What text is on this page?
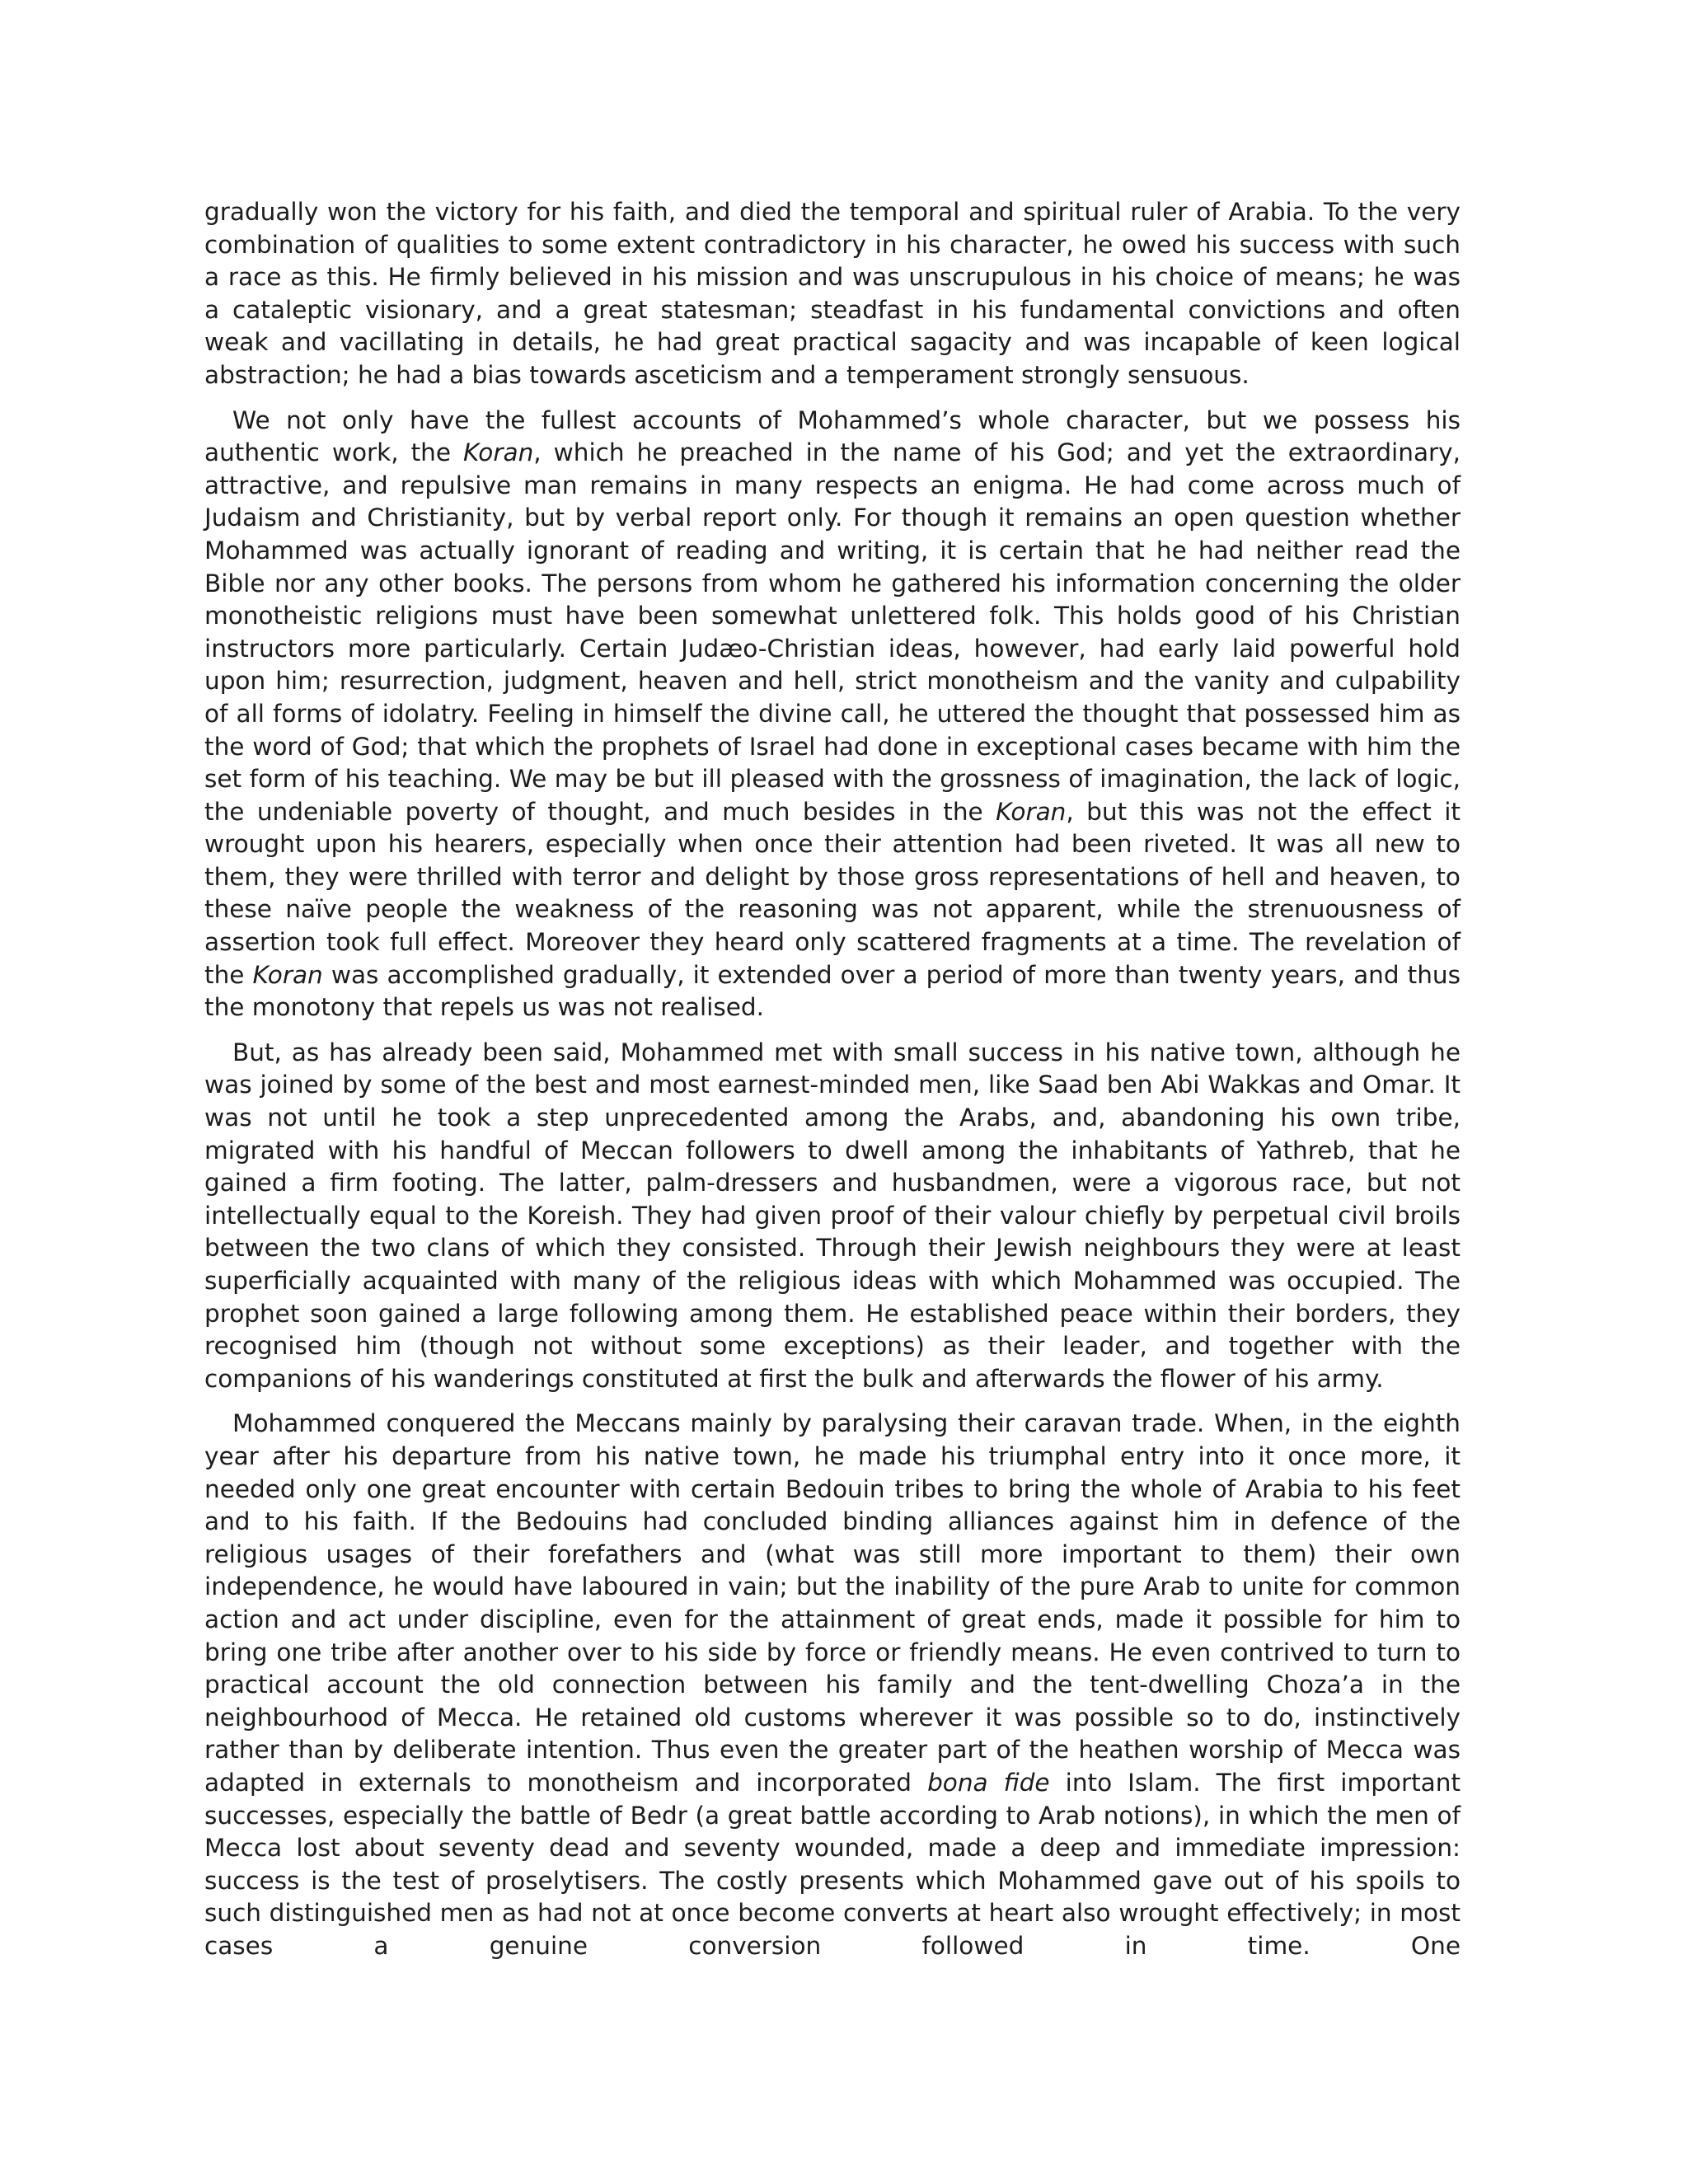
gradually won the victory for his faith, and died the temporal and spiritual ruler of Arabia. To the very combination of qualities to some extent contradictory in his character, he owed his success with such a race as this. He firmly believed in his mission and was unscrupulous in his choice of means; he was a cataleptic visionary, and a great statesman; steadfast in his fundamental convictions and often weak and vacillating in details, he had great practical sagacity and was incapable of keen logical abstraction; he had a bias towards asceticism and a temperament strongly sensuous.

We not only have the fullest accounts of Mohammed’s whole character, but we possess his authentic work, the Koran, which he preached in the name of his God; and yet the extraordinary, attractive, and repulsive man remains in many respects an enigma. He had come across much of Judaism and Christianity, but by verbal report only. For though it remains an open question whether Mohammed was actually ignorant of reading and writing, it is certain that he had neither read the Bible nor any other books. The persons from whom he gathered his information concerning the older monotheistic religions must have been somewhat unlettered folk. This holds good of his Christian instructors more particularly. Certain Judæo-Christian ideas, however, had early laid powerful hold upon him; resurrection, judgment, heaven and hell, strict monotheism and the vanity and culpability of all forms of idolatry. Feeling in himself the divine call, he uttered the thought that possessed him as the word of God; that which the prophets of Israel had done in exceptional cases became with him the set form of his teaching. We may be but ill pleased with the grossness of imagination, the lack of logic, the undeniable poverty of thought, and much besides in the Koran, but this was not the effect it wrought upon his hearers, especially when once their attention had been riveted. It was all new to them, they were thrilled with terror and delight by those gross representations of hell and heaven, to these naïve people the weakness of the reasoning was not apparent, while the strenuousness of assertion took full effect. Moreover they heard only scattered fragments at a time. The revelation of the Koran was accomplished gradually, it extended over a period of more than twenty years, and thus the monotony that repels us was not realised.

But, as has already been said, Mohammed met with small success in his native town, although he was joined by some of the best and most earnest-minded men, like Saad ben Abi Wakkas and Omar. It was not until he took a step unprecedented among the Arabs, and, abandoning his own tribe, migrated with his handful of Meccan followers to dwell among the inhabitants of Yathreb, that he gained a firm footing. The latter, palm-dressers and husbandmen, were a vigorous race, but not intellectually equal to the Koreish. They had given proof of their valour chiefly by perpetual civil broils between the two clans of which they consisted. Through their Jewish neighbours they were at least superficially acquainted with many of the religious ideas with which Mohammed was occupied. The prophet soon gained a large following among them. He established peace within their borders, they recognised him (though not without some exceptions) as their leader, and together with the companions of his wanderings constituted at first the bulk and afterwards the flower of his army.

Mohammed conquered the Meccans mainly by paralysing their caravan trade. When, in the eighth year after his departure from his native town, he made his triumphal entry into it once more, it needed only one great encounter with certain Bedouin tribes to bring the whole of Arabia to his feet and to his faith. If the Bedouins had concluded binding alliances against him in defence of the religious usages of their forefathers and (what was still more important to them) their own independence, he would have laboured in vain; but the inability of the pure Arab to unite for common action and act under discipline, even for the attainment of great ends, made it possible for him to bring one tribe after another over to his side by force or friendly means. He even contrived to turn to practical account the old connection between his family and the tent-dwelling Choza’a in the neighbourhood of Mecca. He retained old customs wherever it was possible so to do, instinctively rather than by deliberate intention. Thus even the greater part of the heathen worship of Mecca was adapted in externals to monotheism and incorporated bona fide into Islam. The first important successes, especially the battle of Bedr (a great battle according to Arab notions), in which the men of Mecca lost about seventy dead and seventy wounded, made a deep and immediate impression: success is the test of proselytisers. The costly presents which Mohammed gave out of his spoils to such distinguished men as had not at once become converts at heart also wrought effectively; in most cases a genuine conversion followed in time. One
